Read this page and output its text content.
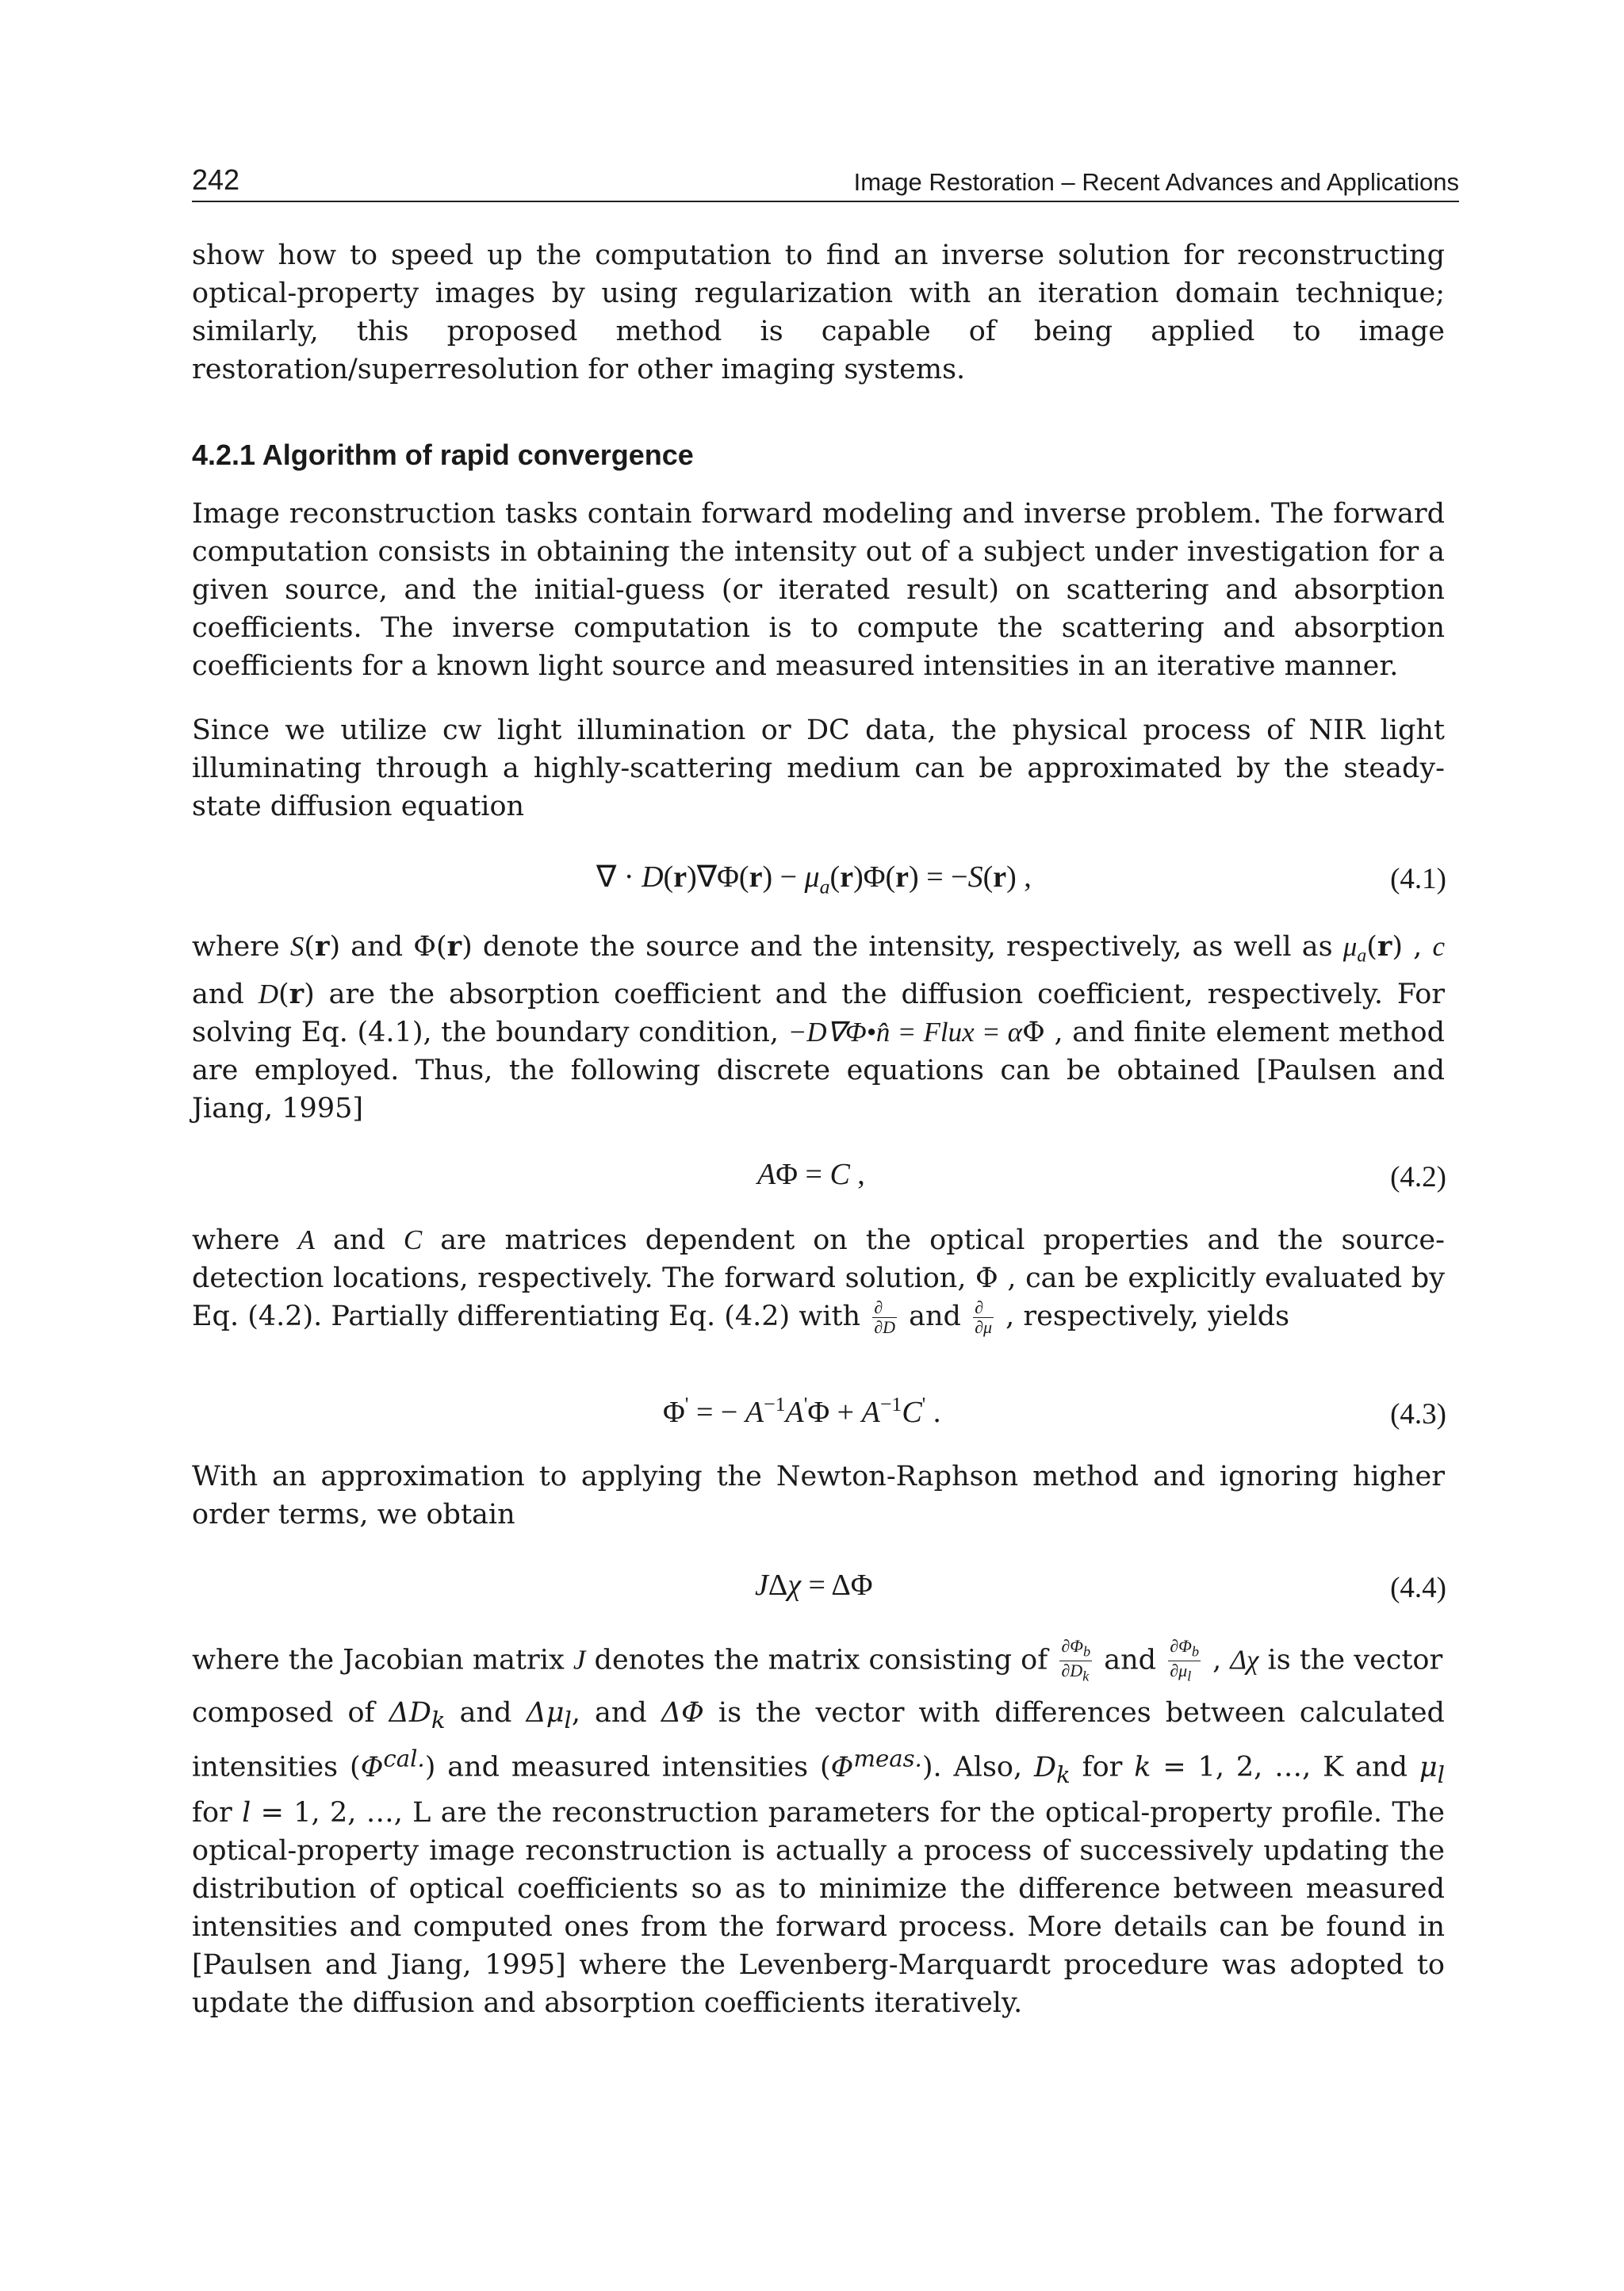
242	Image Restoration – Recent Advances and Applications

show how to speed up the computation to find an inverse solution for reconstructing optical-property images by using regularization with an iteration domain technique; similarly, this proposed method is capable of being applied to image restoration/superresolution for other imaging systems.

4.2.1 Algorithm of rapid convergence

Image reconstruction tasks contain forward modeling and inverse problem. The forward computation consists in obtaining the intensity out of a subject under investigation for a given source, and the initial-guess (or iterated result) on scattering and absorption coefficients. The inverse computation is to compute the scattering and absorption coefficients for a known light source and measured intensities in an iterative manner.

Since we utilize cw light illumination or DC data, the physical process of NIR light illuminating through a highly-scattering medium can be approximated by the steady-state diffusion equation

∇ · $D(r)\nabla\Phi(r) - \mu_a(r)\Phi(r) = -S(r)$ ,	(4.1)

where S(r) and Φ(r) denote the source and the intensity, respectively, as well as $\mu_a(r)$ , c and D(r) are the absorption coefficient and the diffusion coefficient, respectively. For solving Eq. (4.1), the boundary condition, −D∇Φ•n̂ = Flux = αΦ , and finite element method are employed. Thus, the following discrete equations can be obtained [Paulsen and Jiang, 1995]

AΦ = C ,	(4.2)

where A and C are matrices dependent on the optical properties and the source-detection locations, respectively. The forward solution, Φ , can be explicitly evaluated by Eq. (4.2). Partially differentiating Eq. (4.2) with $\frac{\partial}{\partial D}$ and $\frac{\partial}{\partial\mu}$ , respectively, yields

Φ' = − $A^{-1}A'\Phi + A^{-1}C'$ .	(4.3)

With an approximation to applying the Newton-Raphson method and ignoring higher order terms, we obtain

JΔχ = ΔΦ	(4.4)

where the Jacobian matrix J denotes the matrix consisting of $\frac{\partial\Phi_b}{\partial D_k}$ and $\frac{\partial\Phi_b}{\partial\mu_l}$ , Δχ is the vector

composed of $\Delta D_k$ and $\Delta\mu_l$, and ΔΦ is the vector with differences between calculated intensities $(\Phi^{cal.})$ and measured intensities $(\Phi^{meas.})$. Also, $D_k$ for k = 1, 2, …, K and $\mu_l$ for l = 1, 2, …, L are the reconstruction parameters for the optical-property profile. The optical-property image reconstruction is actually a process of successively updating the distribution of optical coefficients so as to minimize the difference between measured intensities and computed ones from the forward process. More details can be found in [Paulsen and Jiang, 1995] where the Levenberg-Marquardt procedure was adopted to update the diffusion and absorption coefficients iteratively.
